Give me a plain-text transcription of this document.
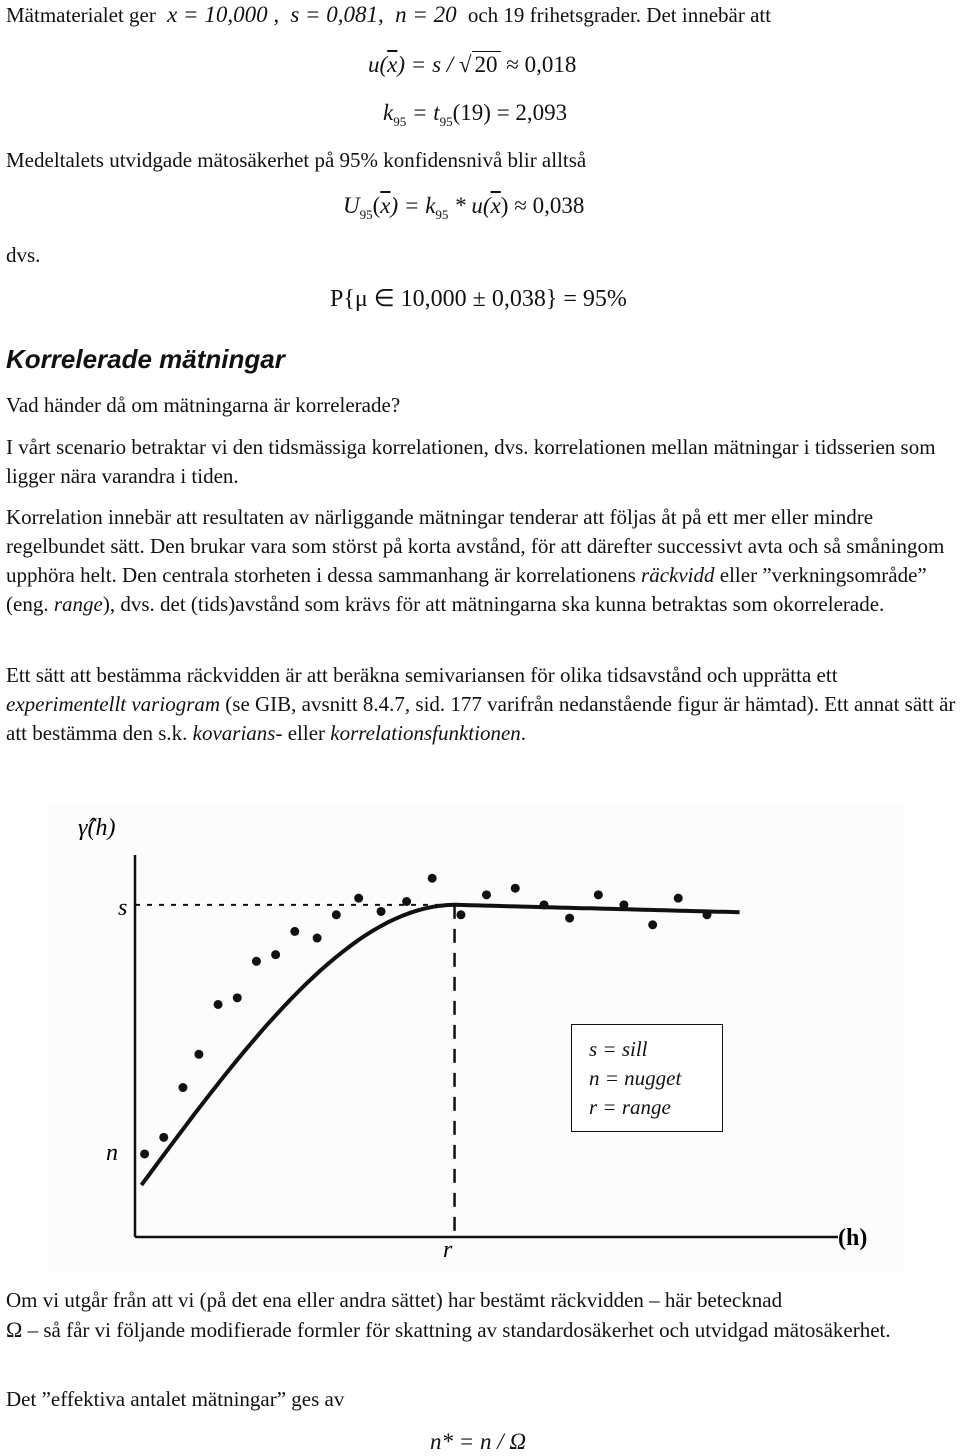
Mätmaterialet ger x = 10,000 , s = 0,081, n = 20 och 19 frihetsgrader. Det innebär att
$u(\overline{x}) = s$ / √ 20 ≈ 0,018
$k_{95} = t_{95}(19) = 2,093$
Medeltalets utvidgade mätosäkerhet på 95% konfidensnivå blir alltså
$U_{95}(\overline{x}) = k_{95} * u(\overline{x}) \approx 0,038$
dvs.
P{μ ∈ 10,000 ± 0,038} = 95%
Korrelerade mätningar
Vad händer då om mätningarna är korrelerade?
I vårt scenario betraktar vi den tidsmässiga korrelationen, dvs. korrelationen mellan mätningar i tidsserien som ligger nära varandra i tiden.
Korrelation innebär att resultaten av närliggande mätningar tenderar att följas åt på ett mer eller mindre regelbundet sätt. Den brukar vara som störst på korta avstånd, för att därefter successivt avta och så småningom upphöra helt. Den centrala storheten i dessa sammanhang är korrelationens räckvidd eller ”verkningsområde” (eng. range), dvs. det (tids)avstånd som krävs för att mätningarna ska kunna betraktas som okorrelerade.
Ett sätt att bestämma räckvidden är att beräkna semivariansen för olika tidsavstånd och upprätta ett experimentellt variogram (se GIB, avsnitt 8.4.7, sid. 177 varifrån nedanstående figur är hämtad). Ett annat sätt är att bestämma den s.k. kovarians- eller korrelationsfunktionen.
γ̂(h)
s
n
r	(h)
s = sill
n = nugget
r = range
Om vi utgår från att vi (på det ena eller andra sättet) har bestämt räckvidden – här betecknad
Ω – så får vi följande modifierade formler för skattning av standardosäkerhet och utvidgad mätosäkerhet.
Det ”effektiva antalet mätningar” ges av
n* = n / Ω
